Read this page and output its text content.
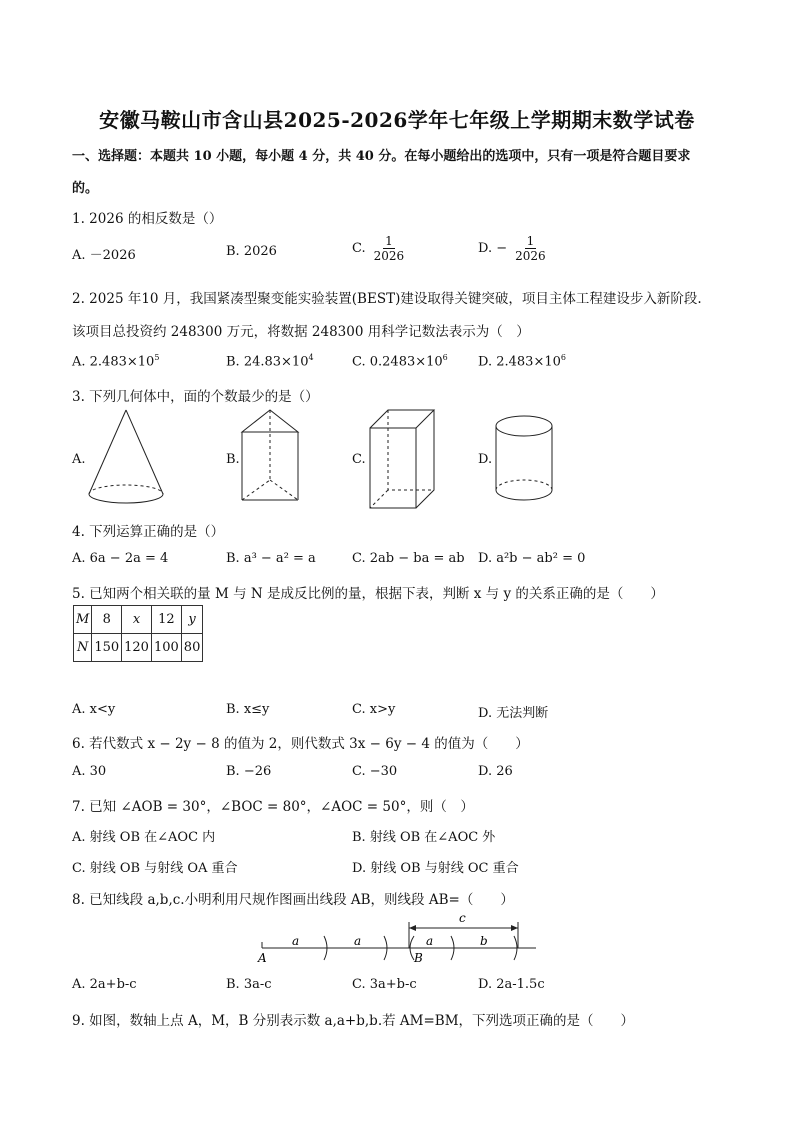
安徽马鞍山市含山县2025-2026学年七年级上学期期末数学试卷
一、选择题：本题共 10 小题，每小题 4 分，共 40 分。在每小题给出的选项中，只有一项是符合题目要求
的。
1. 2026 的相反数是（）
A. －2026	B. 2026	C. $\frac{1}{2026}$	D. − $\frac{1}{2026}$
2. 2025 年10 月，我国紧凑型聚变能实验装置(BEST)建设取得关键突破，项目主体工程建设步入新阶段.
该项目总投资约 248300 万元，将数据 248300 用科学记数法表示为（　）
A. $2.483\times 10^5$	B. $24.83\times 10^4$	C. $0.2483\times 10^6$ D. $2.483\times 10^6$
3. 下列几何体中，面的个数最少的是（）
A.	B.	C.	D.
4. 下列运算正确的是（）
A. 6a − 2a = 4	B. a³ − a² = a	C. 2ab − ba = ab D. a²b − ab² = 0
5. 已知两个相关联的量 M 与 N 是成反比例的量，根据下表，判断 x 与 y 的关系正确的是（　　）
M	8	x	12	y
N	150	120	100	80
A. x<y	B. x≤y	C. x>y	D. 无法判断
6. 若代数式 x − 2y − 8 的值为 2，则代数式 3x − 6y − 4 的值为（　　）
A. 30	B. −26	C. −30	D. 26
7. 已知 ∠AOB = 30°，∠BOC = 80°，∠AOC = 50°，则（　）
A. 射线 OB 在∠AOC 内	B. 射线 OB 在∠AOC 外
C. 射线 OB 与射线 OA 重合	D. 射线 OB 与射线 OC 重合
8. 已知线段 a,b,c.小明利用尺规作图画出线段 AB，则线段 AB=（　　）
c
a	a	a	b
A	B
A. 2a+b-c	B. 3a-c	C. 3a+b-c	D. 2a-1.5c
9. 如图，数轴上点 A，M，B 分别表示数 a,a+b,b.若 AM=BM，下列选项正确的是（　　）
